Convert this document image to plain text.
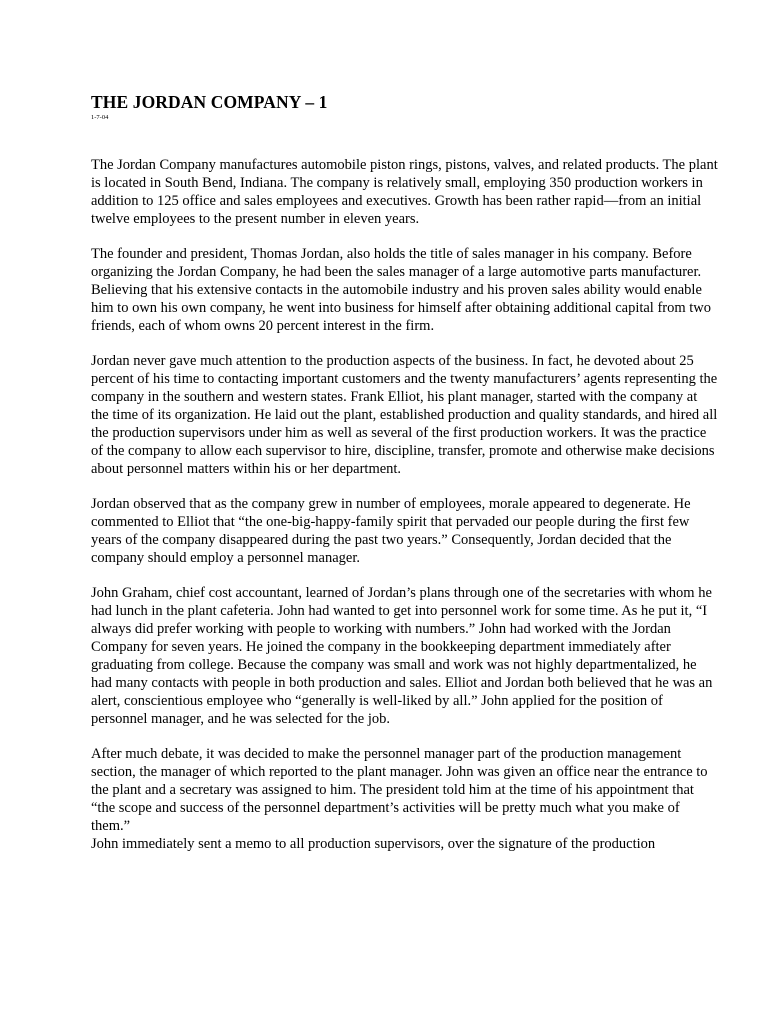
THE JORDAN COMPANY – 1
1-7-04

The Jordan Company manufactures automobile piston rings, pistons, valves, and related products. The plant is located in South Bend, Indiana. The company is relatively small, employing 350 production workers in addition to 125 office and sales employees and executives. Growth has been rather rapid—from an initial twelve employees to the present number in eleven years.

The founder and president, Thomas Jordan, also holds the title of sales manager in his company. Before organizing the Jordan Company, he had been the sales manager of a large automotive parts manufacturer. Believing that his extensive contacts in the automobile industry and his proven sales ability would enable him to own his own company, he went into business for himself after obtaining additional capital from two friends, each of whom owns 20 percent interest in the firm.

Jordan never gave much attention to the production aspects of the business. In fact, he devoted about 25 percent of his time to contacting important customers and the twenty manufacturers’ agents representing the company in the southern and western states. Frank Elliot, his plant manager, started with the company at the time of its organization. He laid out the plant, established production and quality standards, and hired all the production supervisors under him as well as several of the first production workers. It was the practice of the company to allow each supervisor to hire, discipline, transfer, promote and otherwise make decisions about personnel matters within his or her department.

Jordan observed that as the company grew in number of employees, morale appeared to degenerate. He commented to Elliot that “the one-big-happy-family spirit that pervaded our people during the first few years of the company disappeared during the past two years.” Consequently, Jordan decided that the company should employ a personnel manager.

John Graham, chief cost accountant, learned of Jordan’s plans through one of the secretaries with whom he had lunch in the plant cafeteria. John had wanted to get into personnel work for some time. As he put it, “I always did prefer working with people to working with numbers.” John had worked with the Jordan Company for seven years. He joined the company in the bookkeeping department immediately after graduating from college. Because the company was small and work was not highly departmentalized, he had many contacts with people in both production and sales. Elliot and Jordan both believed that he was an alert, conscientious employee who “generally is well-liked by all.” John applied for the position of personnel manager, and he was selected for the job.

After much debate, it was decided to make the personnel manager part of the production management section, the manager of which reported to the plant manager. John was given an office near the entrance to the plant and a secretary was assigned to him. The president told him at the time of his appointment that “the scope and success of the personnel department’s activities will be pretty much what you make of them.”

John immediately sent a memo to all production supervisors, over the signature of the production
